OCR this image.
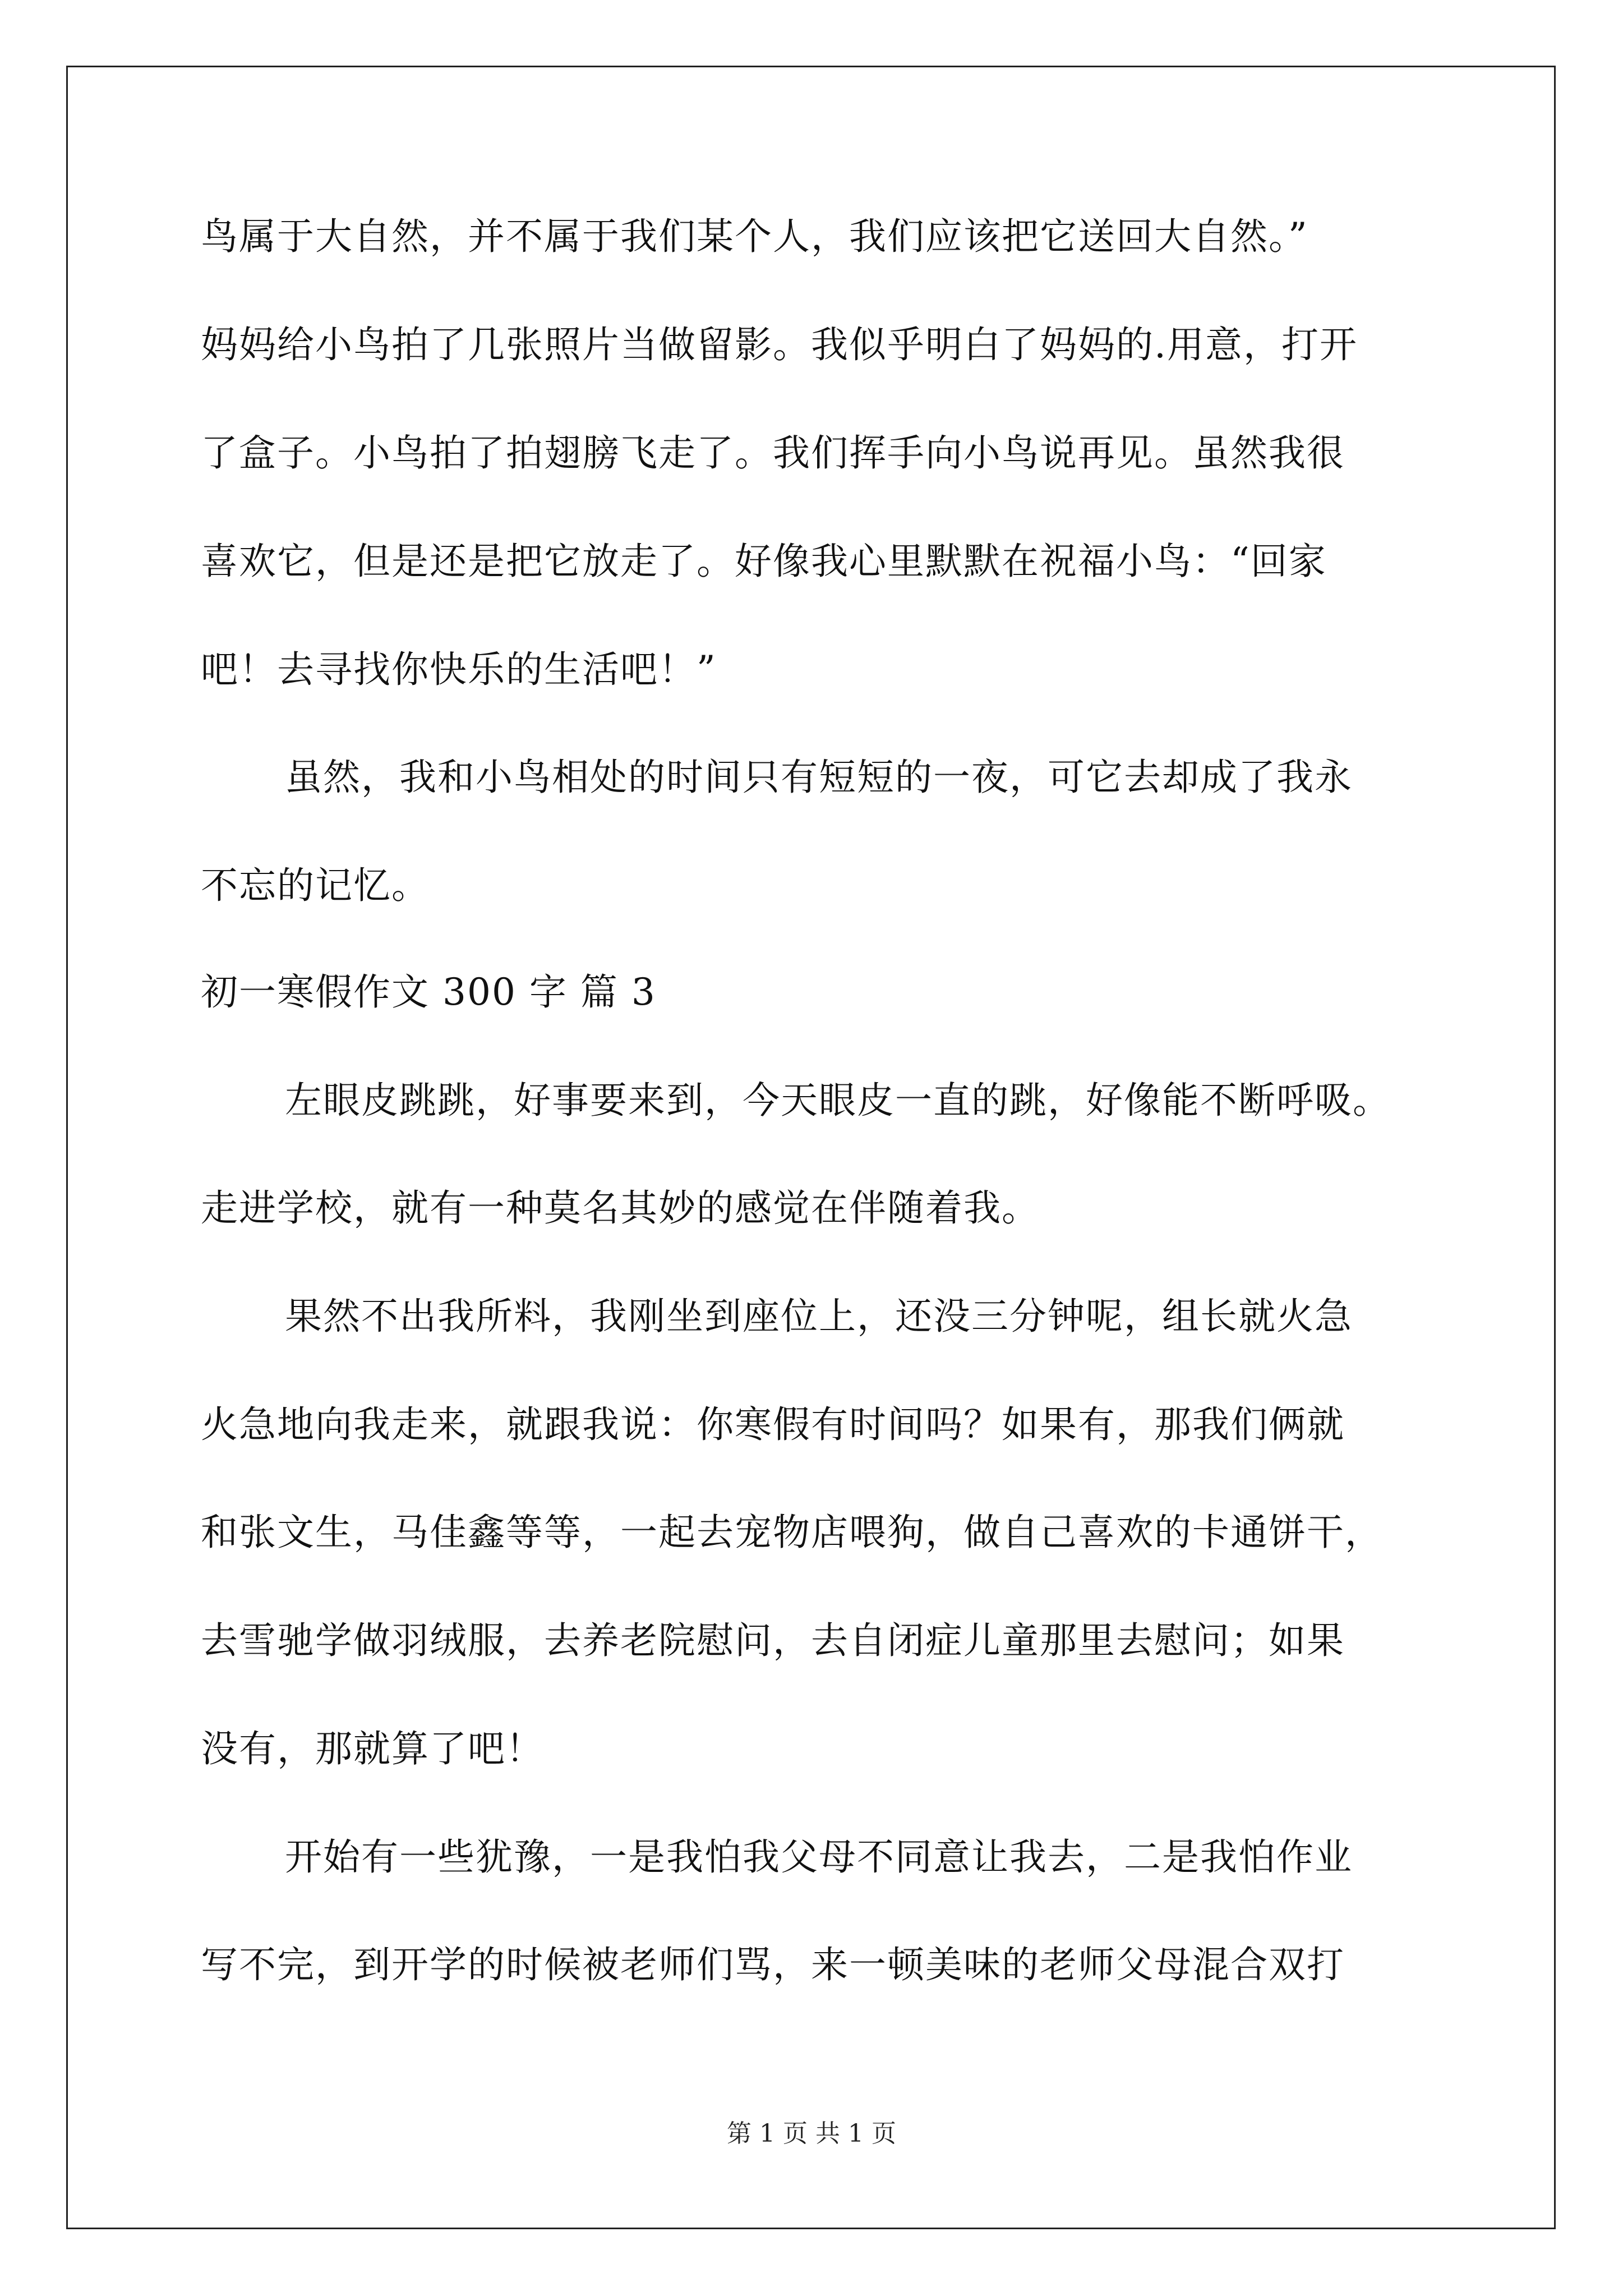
鸟属于大自然，并不属于我们某个人，我们应该把它送回大自然。”
妈妈给小鸟拍了几张照片当做留影。我似乎明白了妈妈的.用意，打开
了盒子。小鸟拍了拍翅膀飞走了。我们挥手向小鸟说再见。虽然我很
喜欢它，但是还是把它放走了。好像我心里默默在祝福小鸟：“回家
吧！去寻找你快乐的生活吧！”
虽然，我和小鸟相处的时间只有短短的一夜，可它去却成了我永
不忘的记忆。
初一寒假作文 300 字 篇 3
左眼皮跳跳，好事要来到，今天眼皮一直的跳，好像能不断呼吸。
走进学校，就有一种莫名其妙的感觉在伴随着我。
果然不出我所料，我刚坐到座位上，还没三分钟呢，组长就火急
火急地向我走来，就跟我说：你寒假有时间吗？如果有，那我们俩就
和张文生，马佳鑫等等，一起去宠物店喂狗，做自己喜欢的卡通饼干，
去雪驰学做羽绒服，去养老院慰问，去自闭症儿童那里去慰问；如果
没有，那就算了吧！
开始有一些犹豫，一是我怕我父母不同意让我去，二是我怕作业
写不完，到开学的时候被老师们骂，来一顿美味的老师父母混合双打
第 1 页 共 1 页
